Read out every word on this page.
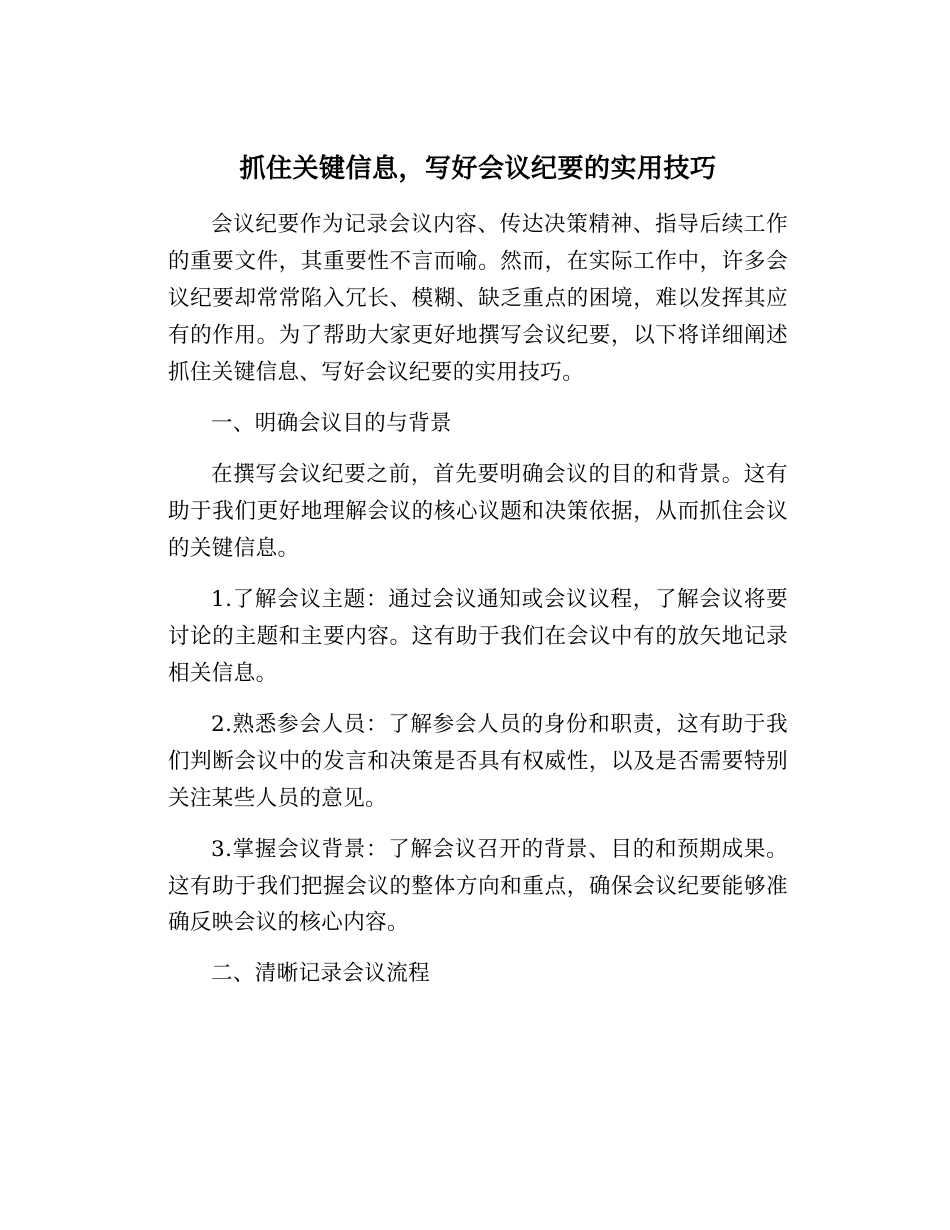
抓住关键信息，写好会议纪要的实用技巧

会议纪要作为记录会议内容、传达决策精神、指导后续工作的重要文件，其重要性不言而喻。然而，在实际工作中，许多会议纪要却常常陷入冗长、模糊、缺乏重点的困境，难以发挥其应有的作用。为了帮助大家更好地撰写会议纪要，以下将详细阐述抓住关键信息、写好会议纪要的实用技巧。

一、明确会议目的与背景

在撰写会议纪要之前，首先要明确会议的目的和背景。这有助于我们更好地理解会议的核心议题和决策依据，从而抓住会议的关键信息。

1.了解会议主题：通过会议通知或会议议程，了解会议将要讨论的主题和主要内容。这有助于我们在会议中有的放矢地记录相关信息。

2.熟悉参会人员：了解参会人员的身份和职责，这有助于我们判断会议中的发言和决策是否具有权威性，以及是否需要特别关注某些人员的意见。

3.掌握会议背景：了解会议召开的背景、目的和预期成果。这有助于我们把握会议的整体方向和重点，确保会议纪要能够准确反映会议的核心内容。

二、清晰记录会议流程
